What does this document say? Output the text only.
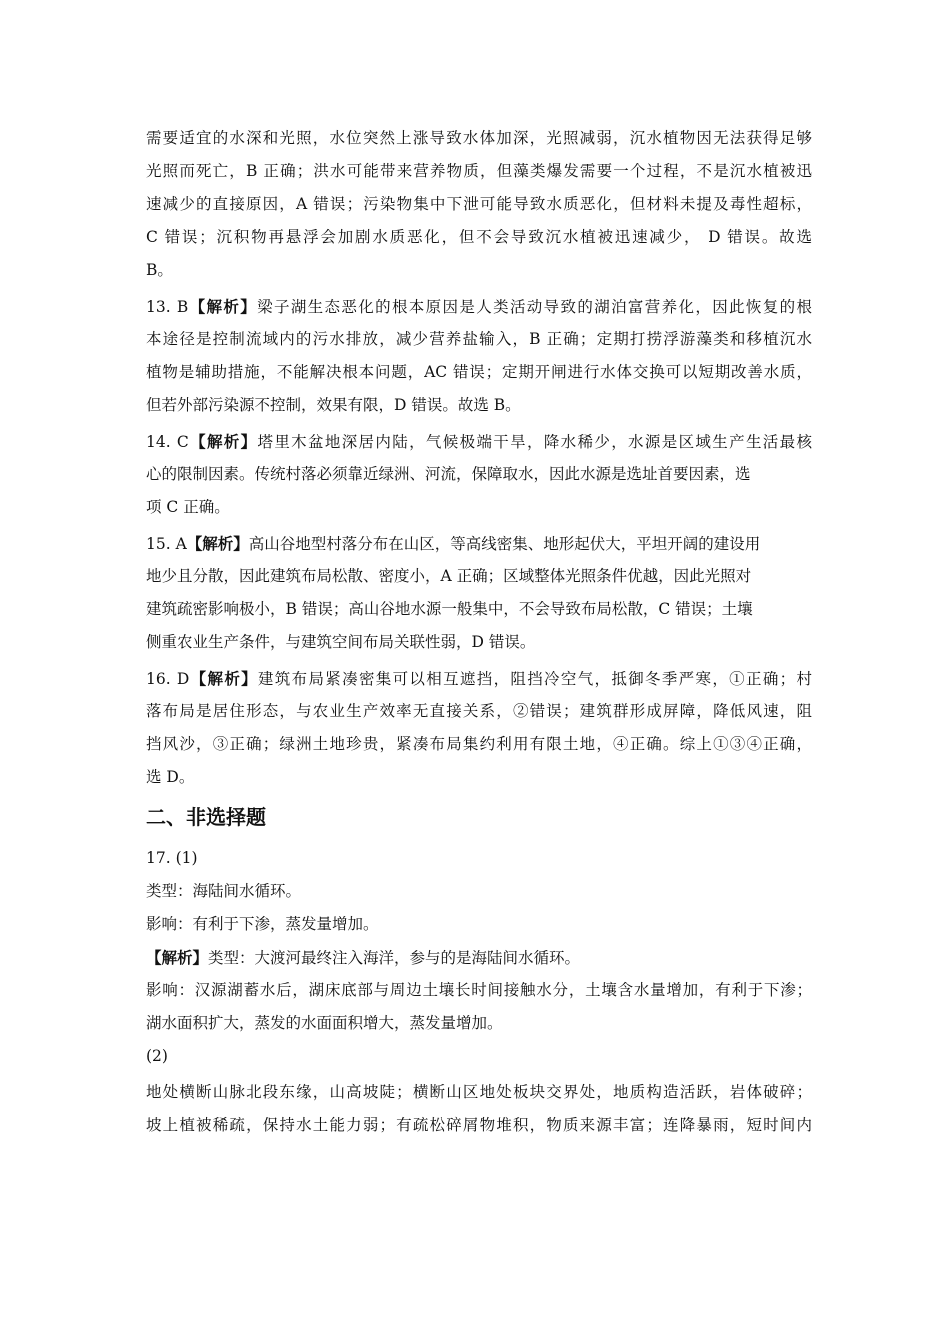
需要适宜的水深和光照，水位突然上涨导致水体加深，光照减弱，沉水植物因无法获得足够
光照而死亡，B 正确；洪水可能带来营养物质，但藻类爆发需要一个过程，不是沉水植被迅
速减少的直接原因，A 错误；污染物集中下泄可能导致水质恶化，但材料未提及毒性超标，
C 错误；沉积物再悬浮会加剧水质恶化，但不会导致沉水植被迅速减少， D 错误。故选
B。
13. B【解析】梁子湖生态恶化的根本原因是人类活动导致的湖泊富营养化，因此恢复的根
本途径是控制流域内的污水排放，减少营养盐输入，B 正确；定期打捞浮游藻类和移植沉水
植物是辅助措施，不能解决根本问题，AC 错误；定期开闸进行水体交换可以短期改善水质，
但若外部污染源不控制，效果有限，D 错误。故选 B。
14. C【解析】塔里木盆地深居内陆，气候极端干旱，降水稀少，水源是区域生产生活最核
心的限制因素。传统村落必须靠近绿洲、河流，保障取水，因此水源是选址首要因素，选
项 C 正确。
15. A【解析】高山谷地型村落分布在山区，等高线密集、地形起伏大，平坦开阔的建设用
地少且分散，因此建筑布局松散、密度小，A 正确；区域整体光照条件优越，因此光照对
建筑疏密影响极小，B 错误；高山谷地水源一般集中，不会导致布局松散，C 错误；土壤
侧重农业生产条件，与建筑空间布局关联性弱，D 错误。
16. D【解析】建筑布局紧凑密集可以相互遮挡，阻挡冷空气，抵御冬季严寒，①正确；村
落布局是居住形态，与农业生产效率无直接关系，②错误；建筑群形成屏障，降低风速，阻
挡风沙，③正确；绿洲土地珍贵，紧凑布局集约利用有限土地，④正确。综上①③④正确，
选 D。
二、非选择题
17. (1)
类型：海陆间水循环。
影响：有利于下渗，蒸发量增加。
【解析】类型：大渡河最终注入海洋，参与的是海陆间水循环。
影响：汉源湖蓄水后，湖床底部与周边土壤长时间接触水分，土壤含水量增加，有利于下渗；
湖水面积扩大，蒸发的水面面积增大，蒸发量增加。
(2)
地处横断山脉北段东缘，山高坡陡；横断山区地处板块交界处，地质构造活跃，岩体破碎；
坡上植被稀疏，保持水土能力弱；有疏松碎屑物堆积，物质来源丰富；连降暴雨，短时间内
